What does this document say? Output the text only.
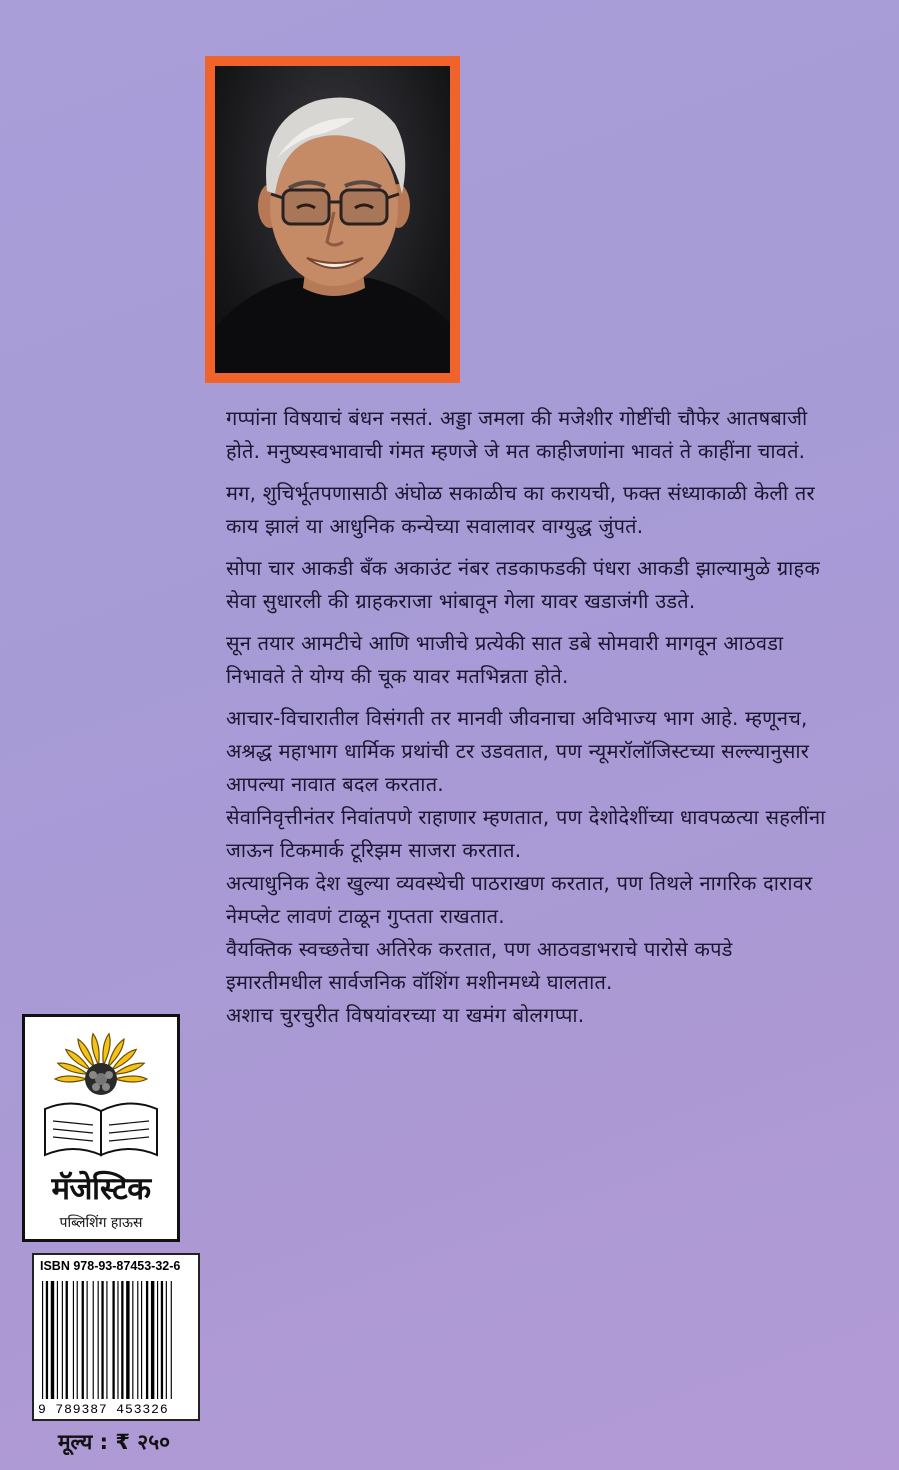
गप्पांना विषयाचं बंधन नसतं. अड्डा जमला की मजेशीर गोष्टींची चौफेर आतषबाजी होते. मनुष्यस्वभावाची गंमत म्हणजे जे मत काहीजणांना भावतं ते काहींना चावतं.

मग, शुचिर्भूतपणासाठी अंघोळ सकाळीच का करायची, फक्त संध्याकाळी केली तर काय झालं या आधुनिक कन्येच्या सवालावर वाग्युद्ध जुंपतं.

सोपा चार आकडी बँक अकाउंट नंबर तडकाफडकी पंधरा आकडी झाल्यामुळे ग्राहक सेवा सुधारली की ग्राहकराजा भांबावून गेला यावर खडाजंगी उडते.

सून तयार आमटीचे आणि भाजीचे प्रत्येकी सात डबे सोमवारी मागवून आठवडा निभावते ते योग्य की चूक यावर मतभिन्नता होते.

आचार-विचारातील विसंगती तर मानवी जीवनाचा अविभाज्य भाग आहे. म्हणूनच, अश्रद्ध महाभाग धार्मिक प्रथांची टर उडवतात, पण न्यूमरॉलॉजिस्टच्या सल्ल्यानुसार आपल्या नावात बदल करतात.

सेवानिवृत्तीनंतर निवांतपणे राहाणार म्हणतात, पण देशोदेशींच्या धावपळत्या सहलींना जाऊन टिकमार्क टूरिझम साजरा करतात.

अत्याधुनिक देश खुल्या व्यवस्थेची पाठराखण करतात, पण तिथले नागरिक दारावर नेमप्लेट लावणं टाळून गुप्तता राखतात.

वैयक्तिक स्वच्छतेचा अतिरेक करतात, पण आठवडाभराचे पारोसे कपडे इमारतीमधील सार्वजनिक वॉशिंग मशीनमध्ये घालतात.

अशाच चुरचुरीत विषयांवरच्या या खमंग बोलगप्पा.

मॅजेस्टिक
पब्लिशिंग हाऊस
ISBN 978-93-87453-32-6
9 789387 453326
मूल्य : ₹ २५०
